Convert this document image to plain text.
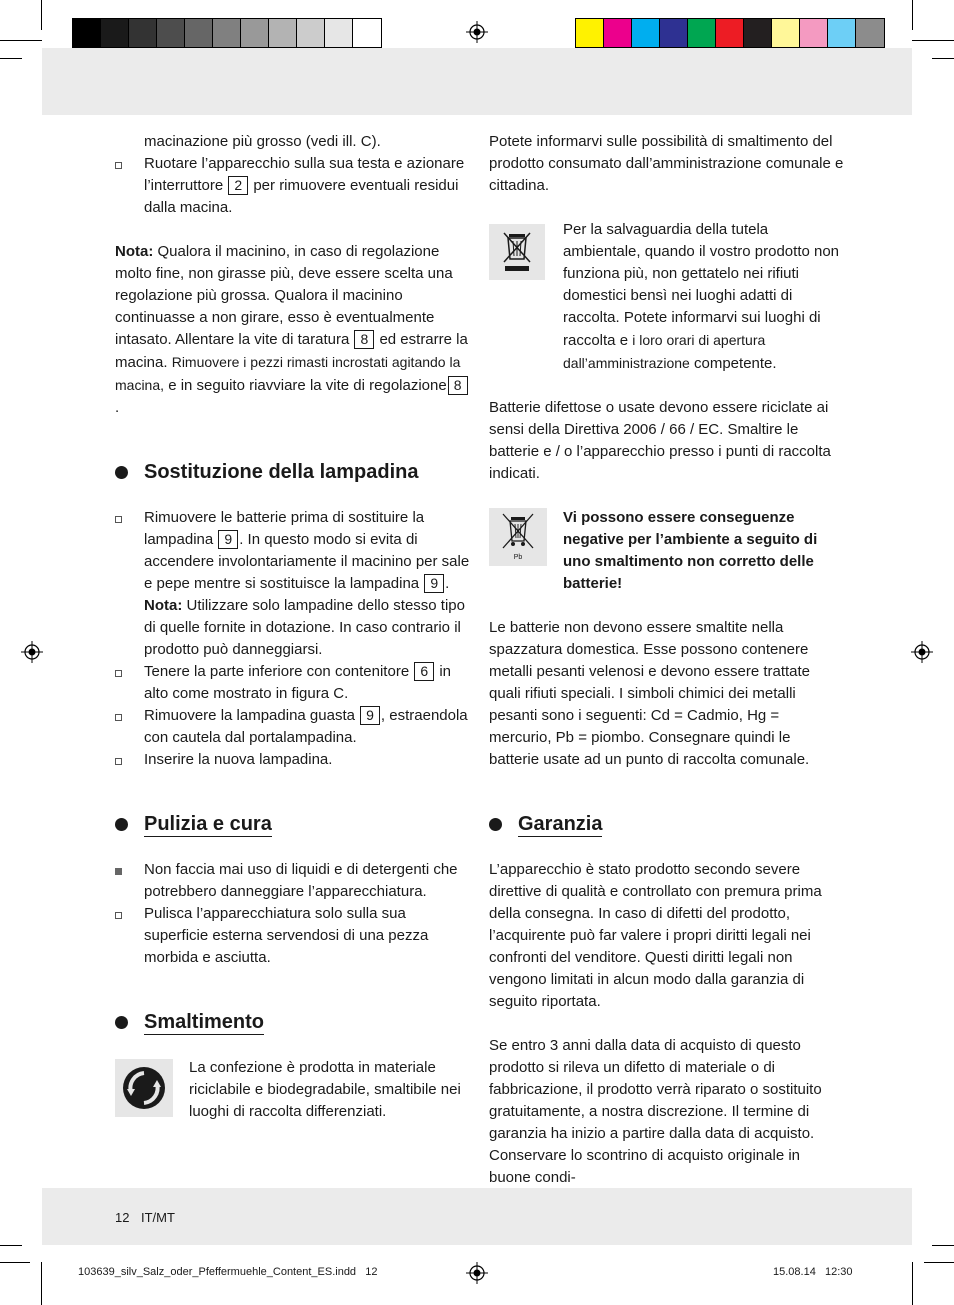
macinazione più grosso (vedi ill. C).

Ruotare l’apparecchio sulla sua testa e azionare l’interruttore 2 per rimuovere eventuali residui dalla macina.

Nota: Qualora il macinino, in caso di regolazione molto fine, non girasse più, deve essere scelta una regolazione più grossa. Qualora il macinino continuasse a non girare, esso è eventualmente intasato. Allentare la vite di taratura 8 ed estrarre la macina. Rimuovere i pezzi rimasti incrostati agitando la macina, e in seguito riavviare la vite di regolazione 8.

Sostituzione della lampadina
Rimuovere le batterie prima di sostituire la lampadina 9 . In questo modo si evita di accendere involontariamente il macinino per sale e pepe mentre si sostituisce la lampadina 9 .
Nota: Utilizzare solo lampadine dello stesso tipo di quelle fornite in dotazione. In caso contrario il prodotto può danneggiarsi.
Tenere la parte inferiore con contenitore 6 in alto come mostrato in figura C.
Rimuovere la lampadina guasta 9 , estraendola con cautela dal portalampadina.
Inserire la nuova lampadina.
Pulizia e cura
Non faccia mai uso di liquidi e di detergenti che potrebbero danneggiare l’apparecchiatura.
Pulisca l’apparecchiatura solo sulla sua superficie esterna servendosi di una pezza morbida e asciutta.
Smaltimento

La confezione è prodotta in materiale riciclabile e biodegradabile, smaltibile nei luoghi di raccolta differenziati.

Potete informarvi sulle possibilità di smaltimento del prodotto consumato dall’amministrazione comunale e cittadina.

Per la salvaguardia della tutela ambientale, quando il vostro prodotto non funziona più, non gettatelo nei rifiuti domestici bensì nei luoghi adatti di raccolta. Potete informarvi sui luoghi di raccolta e i loro orari di apertura dall’amministrazione competente.

Batterie difettose o usate devono essere riciclate ai sensi della Direttiva 2006 / 66 / EC. Smaltire le batterie e / o l’apparecchio presso i punti di raccolta indicati.

Pb

Vi possono essere conseguenze negative per l’ambiente a seguito di uno smaltimento non corretto delle batterie!

Le batterie non devono essere smaltite nella spazzatura domestica. Esse possono contenere metalli pesanti velenosi e devono essere trattate quali rifiuti speciali. I simboli chimici dei metalli pesanti sono i seguenti: Cd = Cadmio, Hg = mercurio, Pb = piombo. Consegnare quindi le batterie usate ad un punto di raccolta comunale.

Garanzia

L’apparecchio è stato prodotto secondo severe direttive di qualità e controllato con premura prima della consegna. In caso di difetti del prodotto, l’acquirente può far valere i propri diritti legali nei confronti del venditore. Questi diritti legali non vengono limitati in alcun modo dalla garanzia di seguito riportata.

Se entro 3 anni dalla data di acquisto di questo prodotto si rileva un difetto di materiale o di fabbricazione, il prodotto verrà riparato o sostituito gratuitamente, a nostra discrezione. Il termine di garanzia ha inizio a partire dalla data di acquisto. Conservare lo scontrino di acquisto originale in buone condi-

12 IT/MT
103639_silv_Salz_oder_Pfeffermuehle_Content_ES.indd   12	15.08.14   12:30
